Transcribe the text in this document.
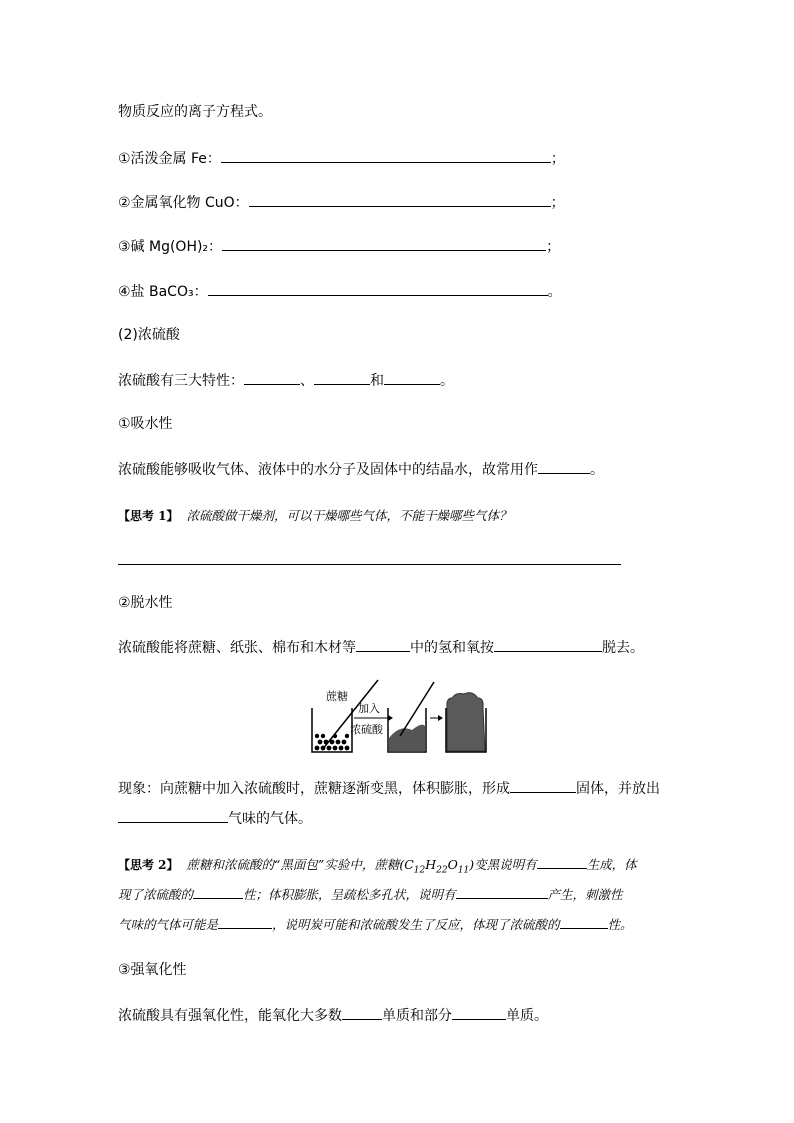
物质反应的离子方程式。
①活泼金属 Fe：	；
②金属氧化物 CuO：	；
③碱 Mg(OH)₂：	；
④盐 BaCO₃：	。
(2)浓硫酸
浓硫酸有三大特性：	、	和	。
①吸水性
浓硫酸能够吸收气体、液体中的水分子及固体中的结晶水，故常用作	。
【思考 1】 浓硫酸做干燥剂，可以干燥哪些气体，不能干燥哪些气体？
②脱水性
浓硫酸能将蔗糖、纸张、棉布和木材等	中的氢和氧按	脱去。
蔗糖
加入
浓硫酸
现象：向蔗糖中加入浓硫酸时，蔗糖逐渐变黑，体积膨胀，形成	固体，并放出
气味的气体。
【思考 2】 蔗糖和浓硫酸的“黑面包”实验中，蔗糖$(C_{12}H_{22}O_{11})$变黑说明有	生成，体
现了浓硫酸的	性；体积膨胀，呈疏松多孔状，说明有	产生，刺激性
气味的气体可能是	，说明炭可能和浓硫酸发生了反应，体现了浓硫酸的	性。
③强氧化性
浓硫酸具有强氧化性，能氧化大多数	单质和部分	单质。
